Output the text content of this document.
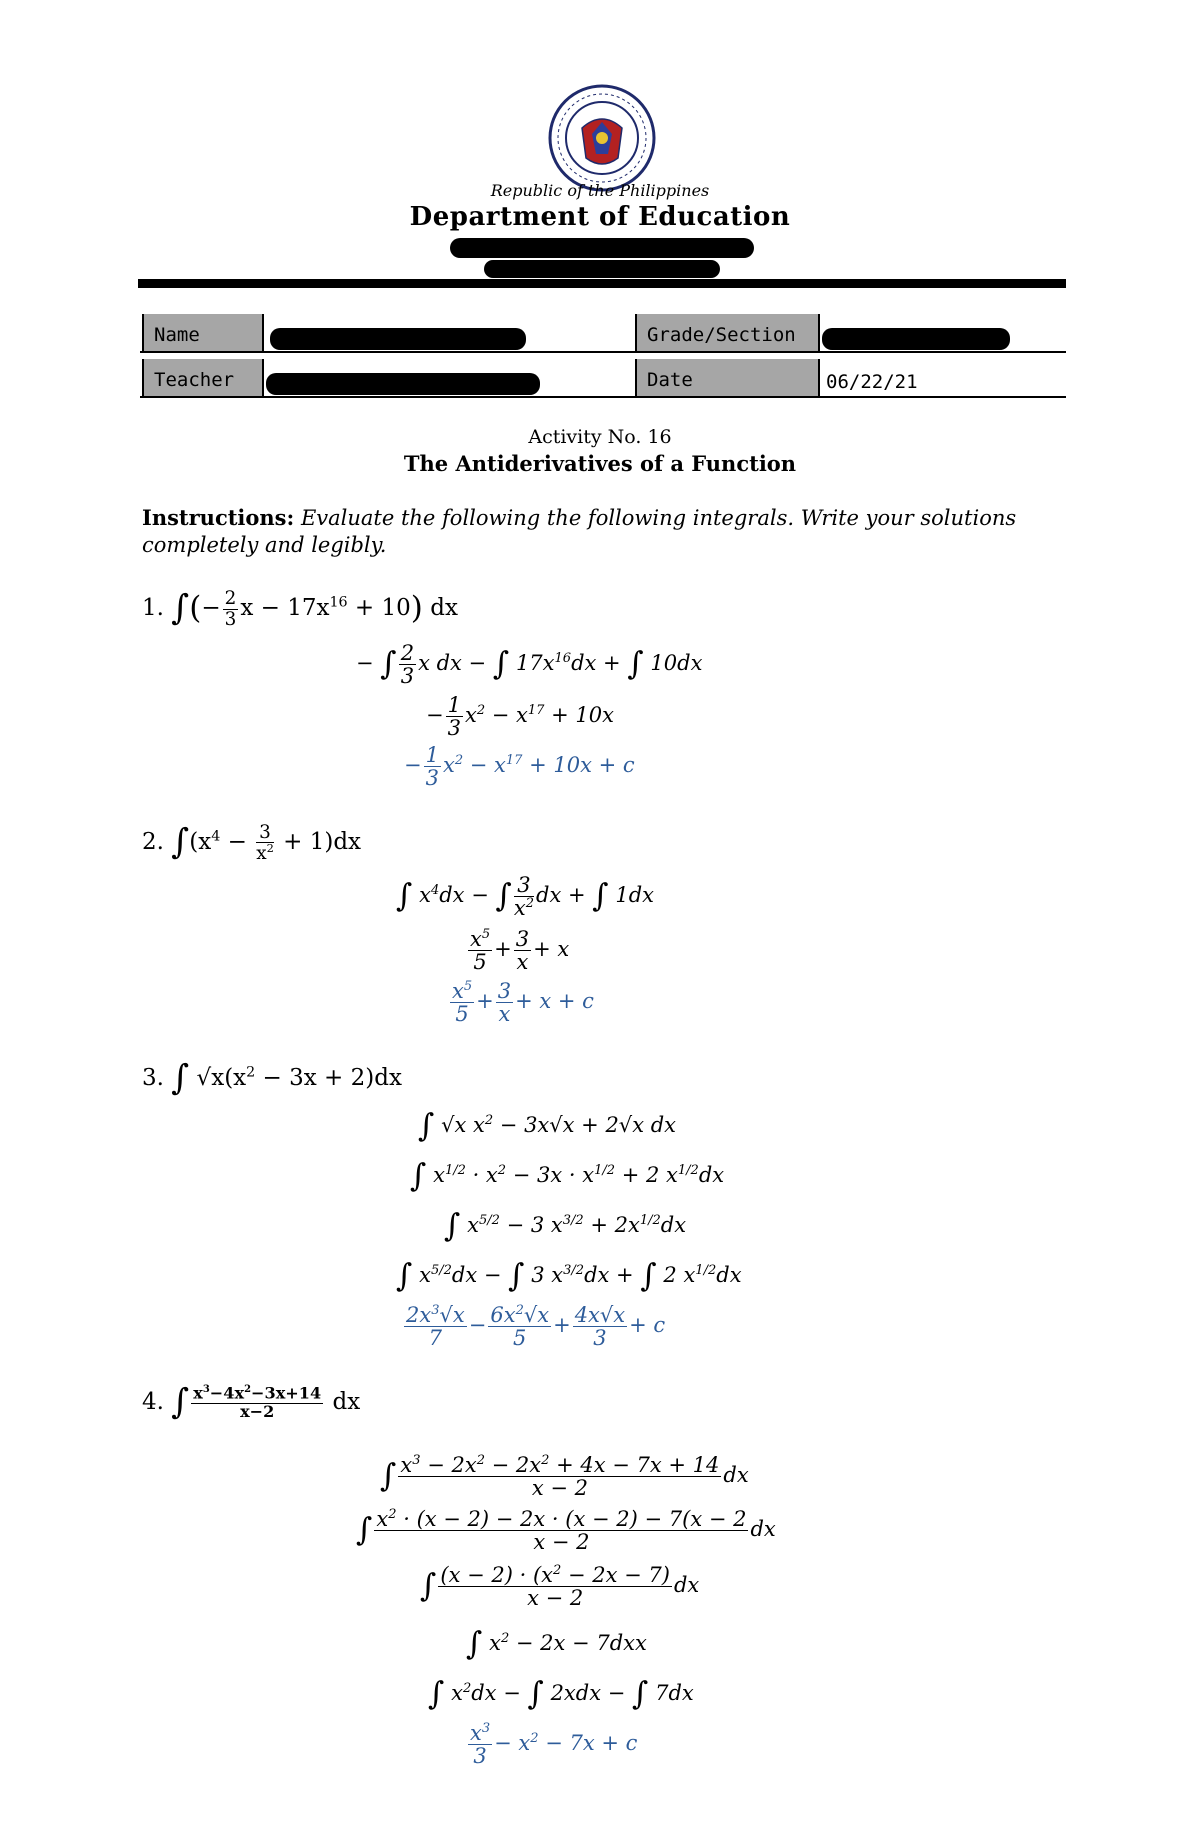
Republic of the Philippines
Department of Education
Name	Grade/Section
Teacher	Date	06/22/21
Activity No. 16
The Antiderivatives of a Function
Instructions: Evaluate the following the following integrals. Write your solutions completely and legibly.
1. ∫(− $\frac{2}{3}$ $x - 17x^{16} + 10$) dx
− ∫ $\frac{2}{3}$ x dx − ∫ $17x^{16}dx$ + ∫ 10dx
− $\frac{1}{3} x^2 - x^{17} + 10x$
− $\frac{1}{3} x^2 - x^{17} + 10x + c$
2. $\int(x^4 - \frac{3}{x^2} + 1)dx$
∫ $x^4dx$ − ∫ $\frac{3}{x^2}$ dx + ∫ 1dx
$\frac{x^5}{5} + \frac{3}{x} + x$
$\frac{x^5}{5} + \frac{3}{x} + x + c$
3. ∫ $√x(x^2 - 3x + 2)dx$
∫ √x $x^2 - 3x√x + 2√x$ dx
∫ $x^{1/2} \cdot x^2 - 3x \cdot x^{1/2} + 2$ $x^{1/2}dx$
∫ $x^{5/2} - 3$ $x^{3/2} + 2x^{1/2}dx$
∫ $x^{5/2}dx$ − ∫ 3 $x^{3/2}dx$ + ∫ 2 $x^{1/2}dx$
$\frac{2x^3√x}{7} - \frac{6x^2√x}{5} + \frac{4x√x}{3} + c$
4. ∫ $\frac{x^3-4x^2-3x+14}{x-2}$ dx
∫ $\frac{x^3 - 2x^2 - 2x^2 + 4x - 7x + 14}{x - 2}$ dx
∫ $\frac{x^2 \cdot (x - 2) - 2x \cdot (x - 2) - 7(x - 2}{x - 2}$ dx
∫ $\frac{(x - 2) \cdot (x^2 - 2x - 7)}{x - 2}$ dx
∫ $x^2 - 2x - 7dxx$
∫ $x^2dx$ − ∫ 2xdx − ∫ 7dx
$\frac{x^3}{3} - x^2 - 7x + c$
